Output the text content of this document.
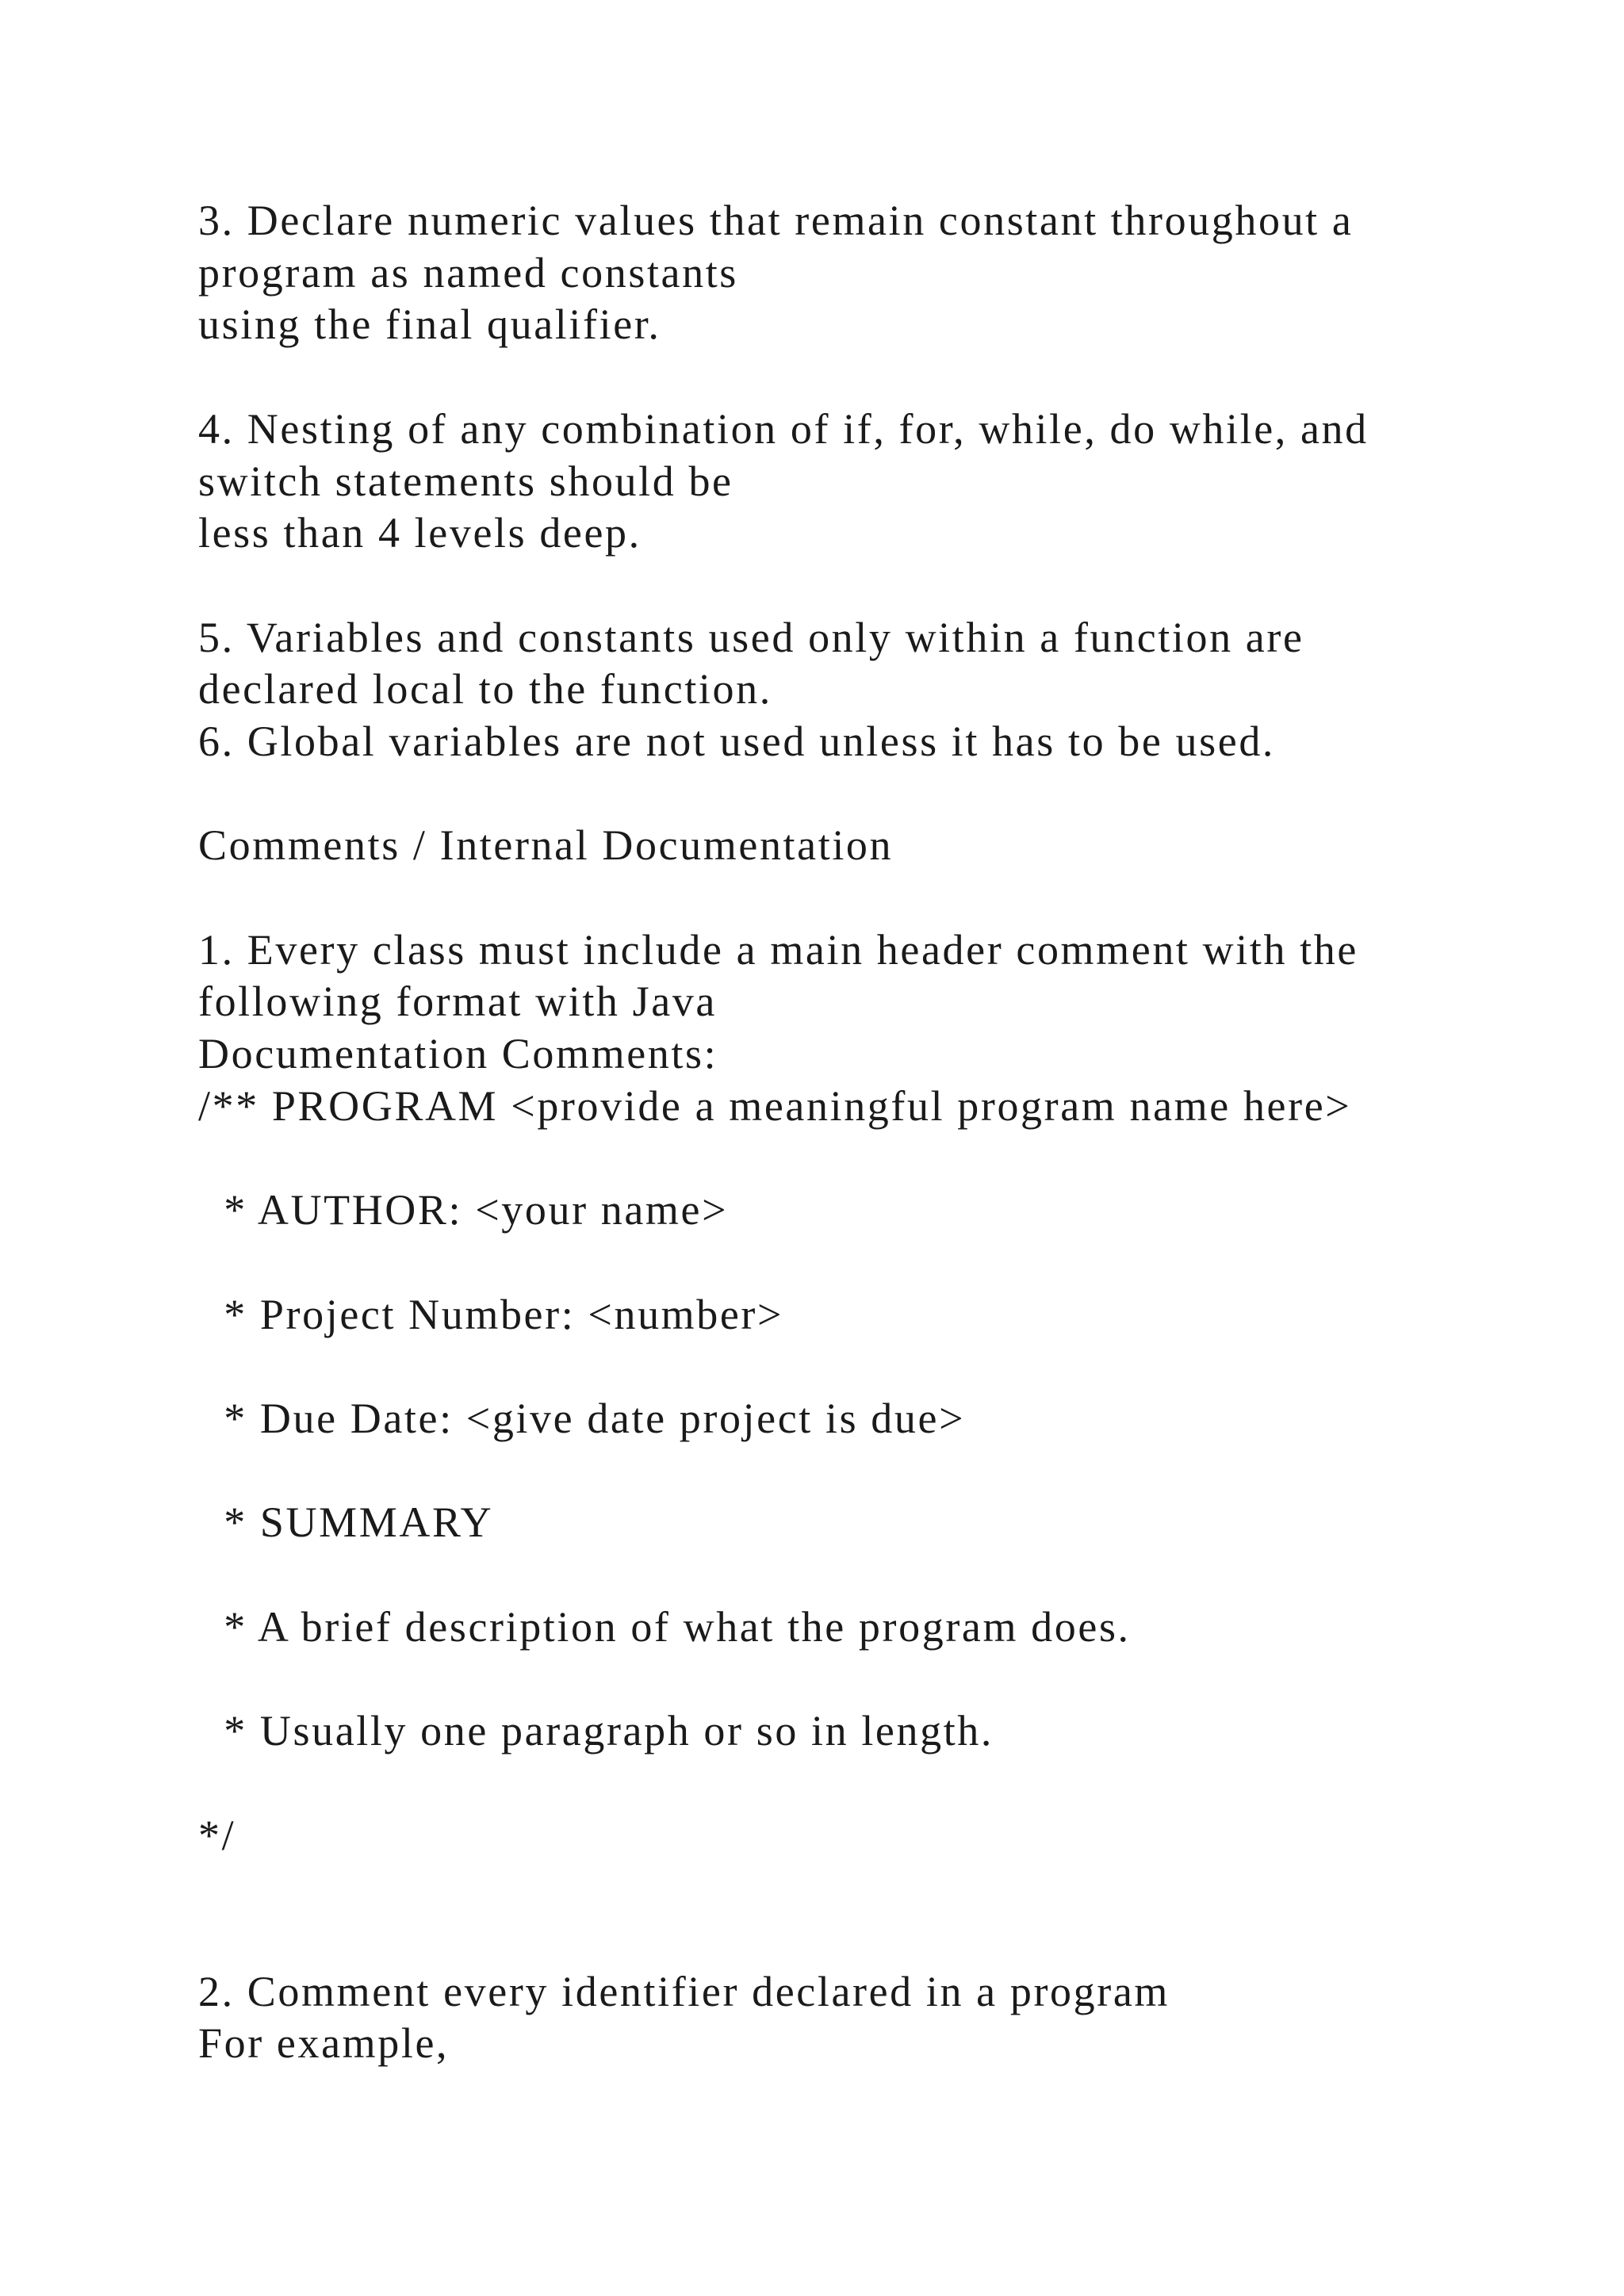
3. Declare numeric values that remain constant throughout a
program as named constants
using the final qualifier.
4. Nesting of any combination of if, for, while, do while, and
switch statements should be
less than 4 levels deep.
5. Variables and constants used only within a function are
declared local to the function.
6. Global variables are not used unless it has to be used.
Comments / Internal Documentation
1. Every class must include a main header comment with the
following format with Java
Documentation Comments:
/** PROGRAM <provide a meaningful program name here>
* AUTHOR: <your name>
* Project Number: <number>
* Due Date: <give date project is due>
* SUMMARY
* A brief description of what the program does.
* Usually one paragraph or so in length.
*/
2. Comment every identifier declared in a program
For example,
